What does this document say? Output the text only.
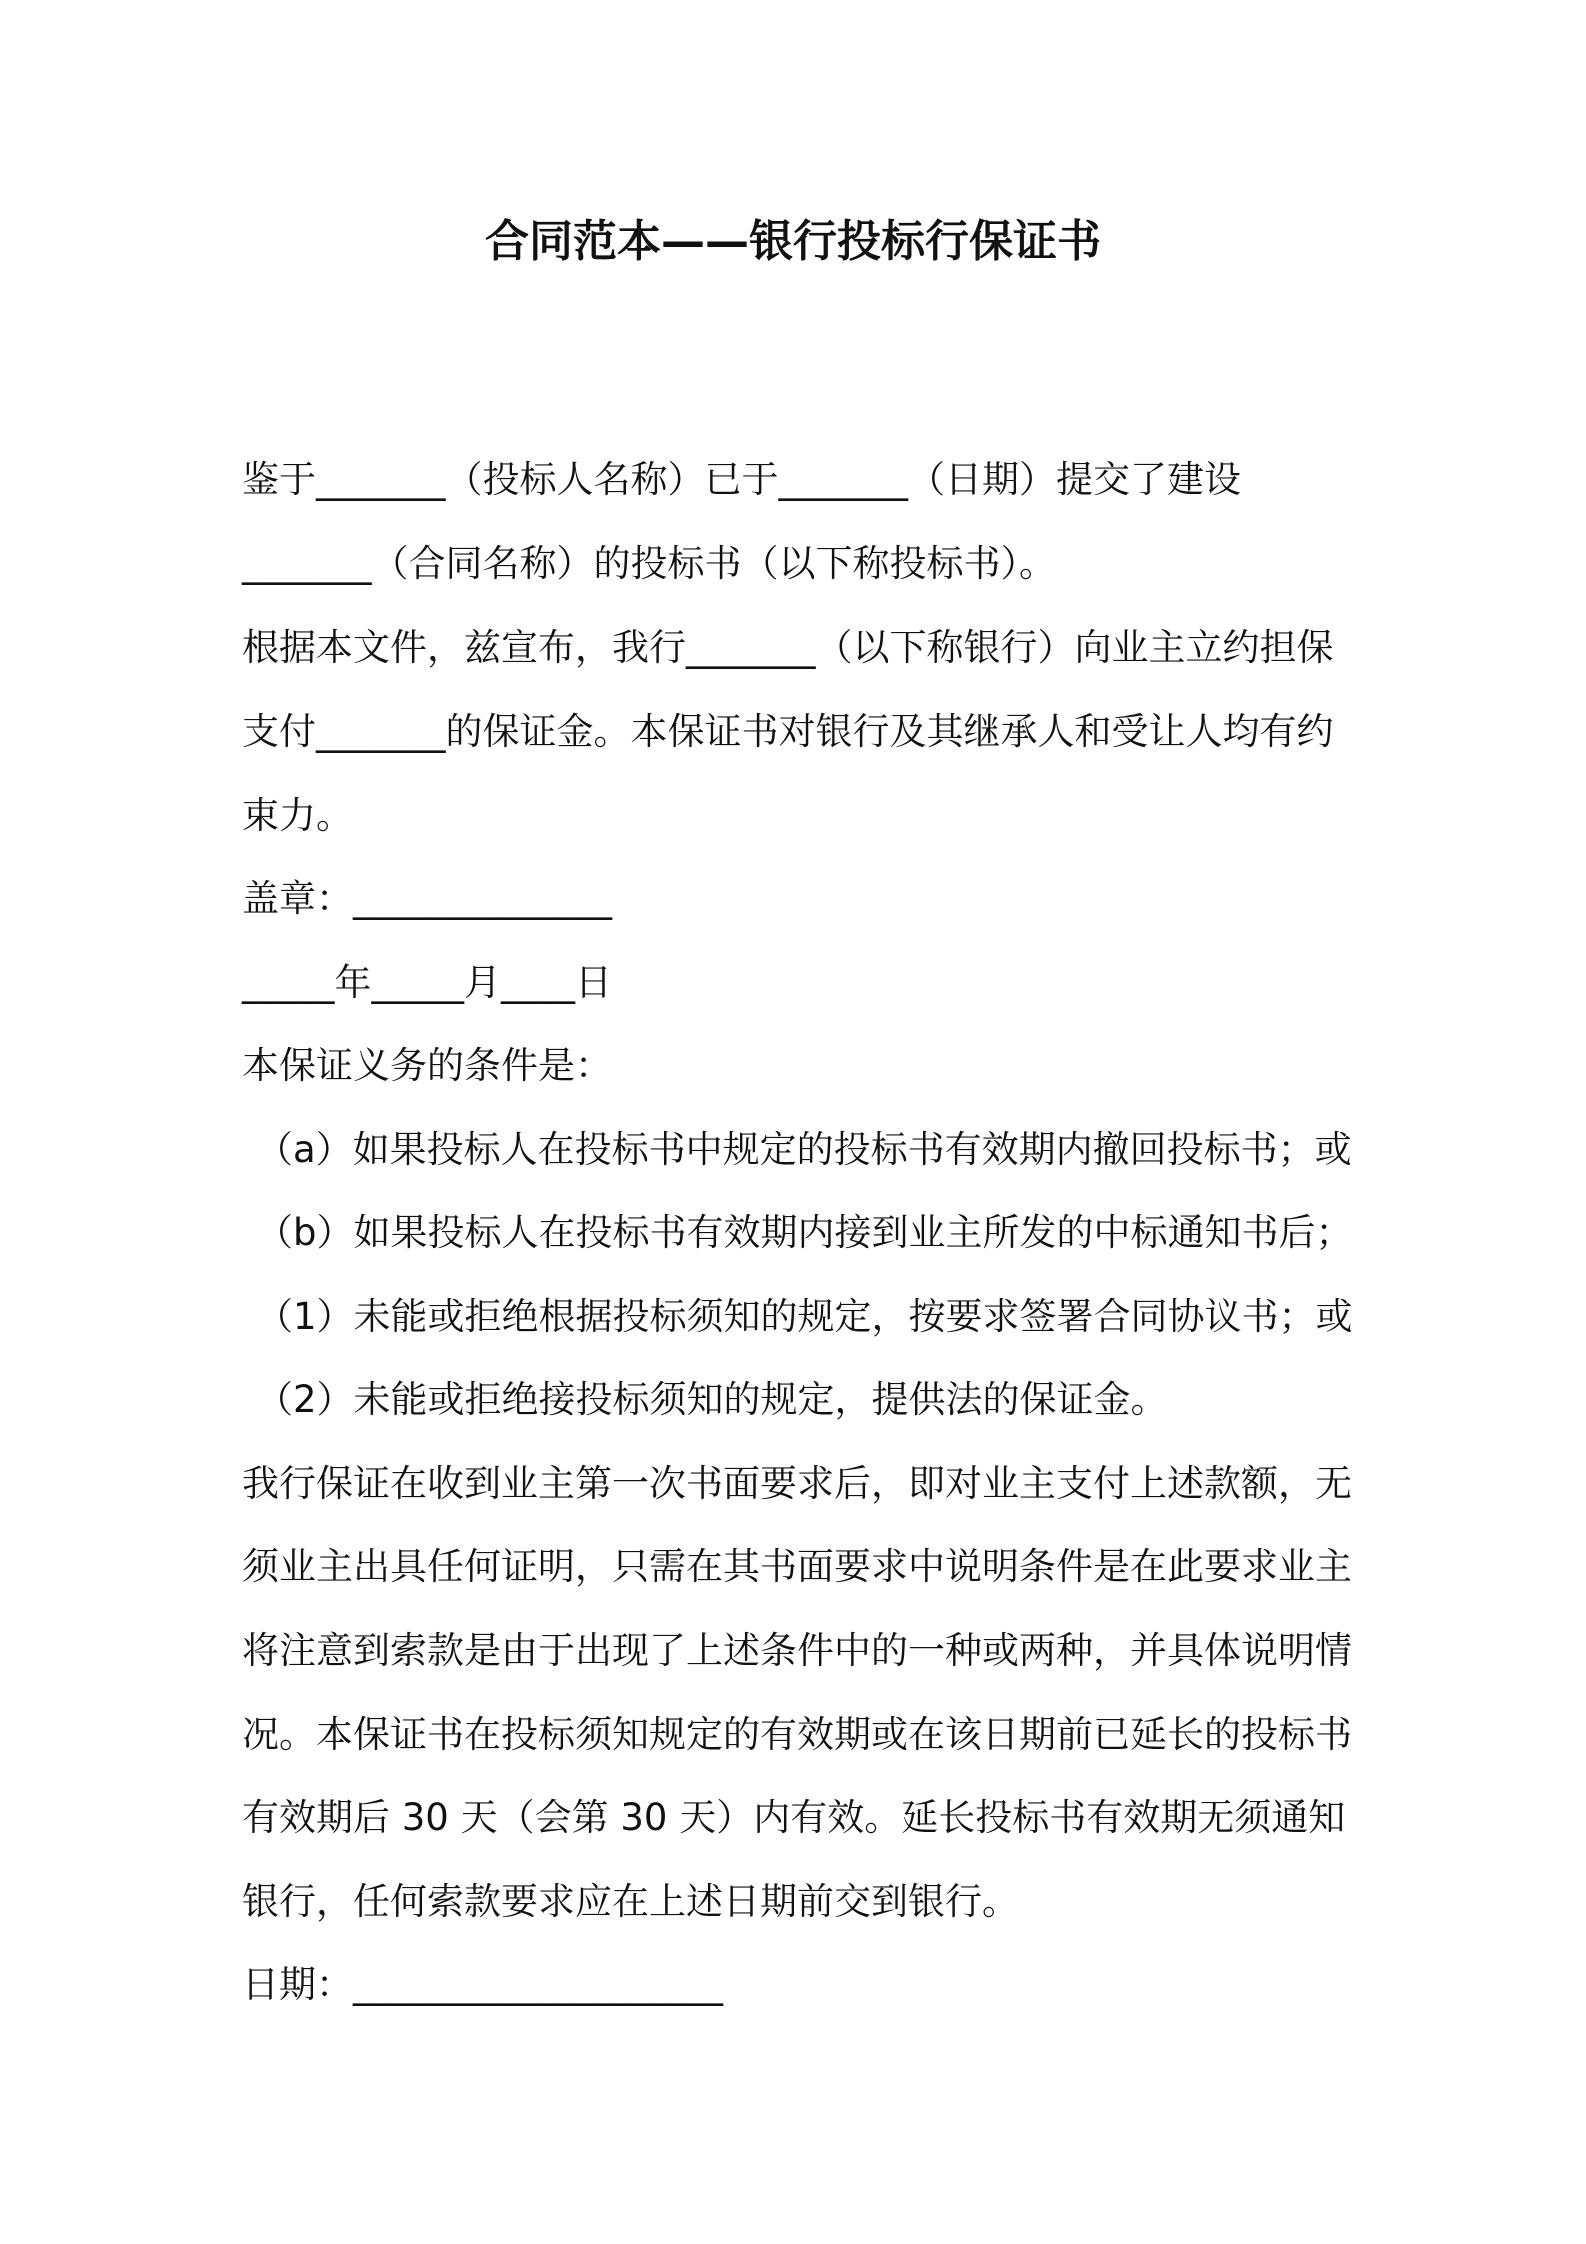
合同范本——银行投标行保证书
鉴于_______（投标人名称）已于_______（日期）提交了建设
_______（合同名称）的投标书（以下称投标书）。
根据本文件，兹宣布，我行_______（以下称银行）向业主立约担保
支付_______的保证金。本保证书对银行及其继承人和受让人均有约
束力。
盖章：______________
_____年_____月____日
本保证义务的条件是：
（a）如果投标人在投标书中规定的投标书有效期内撤回投标书；或
（b）如果投标人在投标书有效期内接到业主所发的中标通知书后；
（1）未能或拒绝根据投标须知的规定，按要求签署合同协议书；或
（2）未能或拒绝接投标须知的规定，提供法的保证金。
我行保证在收到业主第一次书面要求后，即对业主支付上述款额，无
须业主出具任何证明，只需在其书面要求中说明条件是在此要求业主
将注意到索款是由于出现了上述条件中的一种或两种，并具体说明情
况。本保证书在投标须知规定的有效期或在该日期前已延长的投标书
有效期后 30 天（会第 30 天）内有效。延长投标书有效期无须通知
银行，任何索款要求应在上述日期前交到银行。
日期：____________________
